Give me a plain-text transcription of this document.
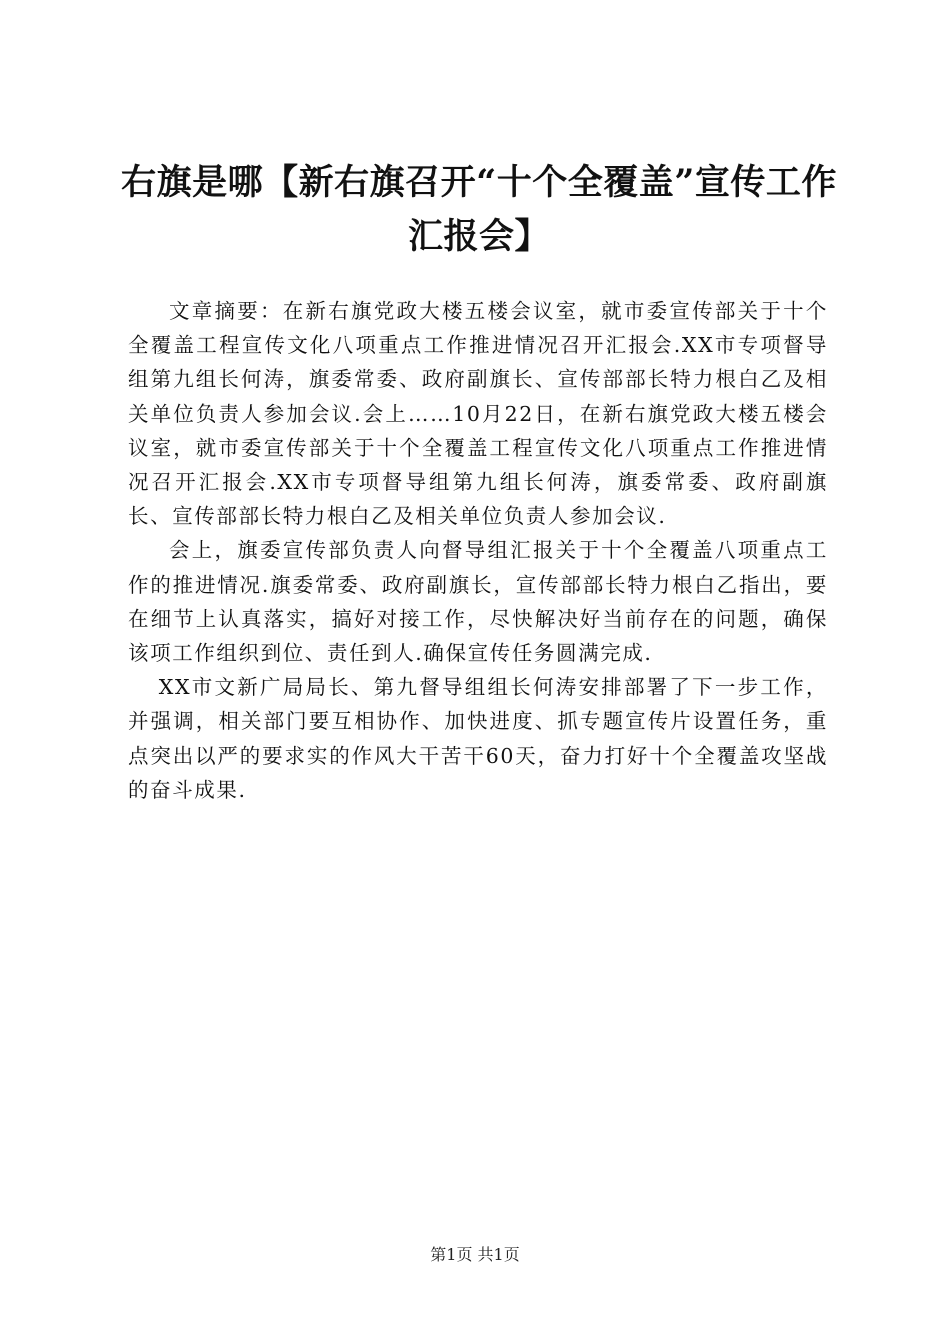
右旗是哪【新右旗召开“十个全覆盖”宣传工作汇报会】

文章摘要：在新右旗党政大楼五楼会议室，就市委宣传部关于十个全覆盖工程宣传文化八项重点工作推进情况召开汇报会.XX市专项督导组第九组长何涛，旗委常委、政府副旗长、宣传部部长特力根白乙及相关单位负责人参加会议.会上……10月22日，在新右旗党政大楼五楼会议室，就市委宣传部关于十个全覆盖工程宣传文化八项重点工作推进情况召开汇报会.XX市专项督导组第九组长何涛，旗委常委、政府副旗长、宣传部部长特力根白乙及相关单位负责人参加会议.

会上，旗委宣传部负责人向督导组汇报关于十个全覆盖八项重点工作的推进情况.旗委常委、政府副旗长，宣传部部长特力根白乙指出，要在细节上认真落实，搞好对接工作，尽快解决好当前存在的问题，确保该项工作组织到位、责任到人.确保宣传任务圆满完成.

XX市文新广局局长、第九督导组组长何涛安排部署了下一步工作，并强调，相关部门要互相协作、加快进度、抓专题宣传片设置任务，重点突出以严的要求实的作风大干苦干60天，奋力打好十个全覆盖攻坚战的奋斗成果.

第1页 共1页
